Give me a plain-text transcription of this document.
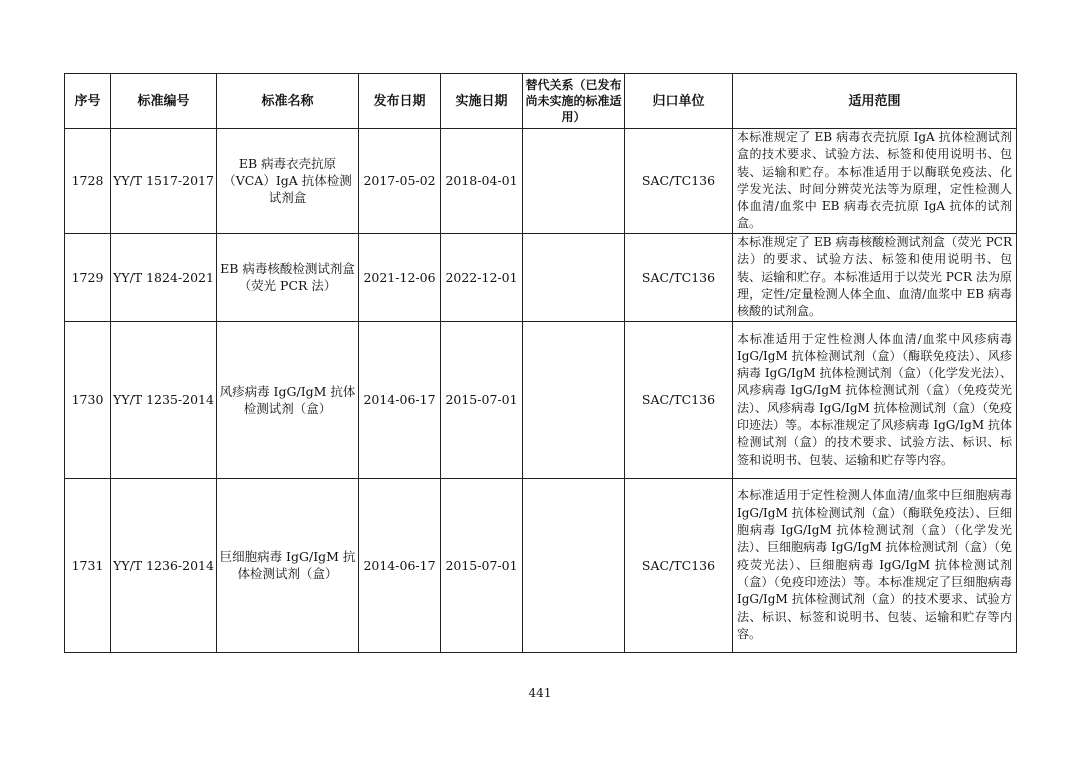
序号	标准编号	标准名称	发布日期	实施日期	替代关系（已发布尚未实施的标准适用）	归口单位	适用范围
1728	YY/T 1517-2017	EB 病毒衣壳抗原（VCA）IgA 抗体检测试剂盒	2017-05-02	2018-04-01		SAC/TC136	本标准规定了 EB 病毒衣壳抗原 IgA 抗体检测试剂盒的技术要求、试验方法、标签和使用说明书、包装、运输和贮存。本标准适用于以酶联免疫法、化学发光法、时间分辨荧光法等为原理，定性检测人体血清/血浆中 EB 病毒衣壳抗原 IgA 抗体的试剂盒。
1729	YY/T 1824-2021	EB 病毒核酸检测试剂盒（荧光 PCR 法）	2021-12-06	2022-12-01		SAC/TC136	本标准规定了 EB 病毒核酸检测试剂盒（荧光 PCR 法）的要求、试验方法、标签和使用说明书、包装、运输和贮存。本标准适用于以荧光 PCR 法为原理，定性/定量检测人体全血、血清/血浆中 EB 病毒核酸的试剂盒。
1730	YY/T 1235-2014	风疹病毒 IgG/IgM 抗体检测试剂（盒）	2014-06-17	2015-07-01		SAC/TC136	本标准适用于定性检测人体血清/血浆中风疹病毒 IgG/IgM 抗体检测试剂（盒）（酶联免疫法）、风疹病毒 IgG/IgM 抗体检测试剂（盒）（化学发光法）、风疹病毒 IgG/IgM 抗体检测试剂（盒）（免疫荧光法）、风疹病毒 IgG/IgM 抗体检测试剂（盒）（免疫印迹法）等。本标准规定了风疹病毒 IgG/IgM 抗体检测试剂（盒）的技术要求、试验方法、标识、标签和说明书、包装、运输和贮存等内容。
1731	YY/T 1236-2014	巨细胞病毒 IgG/IgM 抗体检测试剂（盒）	2014-06-17	2015-07-01		SAC/TC136	本标准适用于定性检测人体血清/血浆中巨细胞病毒 IgG/IgM 抗体检测试剂（盒）（酶联免疫法）、巨细胞病毒 IgG/IgM 抗体检测试剂（盒）（化学发光法）、巨细胞病毒 IgG/IgM 抗体检测试剂（盒）（免疫荧光法）、巨细胞病毒 IgG/IgM 抗体检测试剂（盒）（免疫印迹法）等。本标准规定了巨细胞病毒 IgG/IgM 抗体检测试剂（盒）的技术要求、试验方法、标识、标签和说明书、包装、运输和贮存等内容。
441
